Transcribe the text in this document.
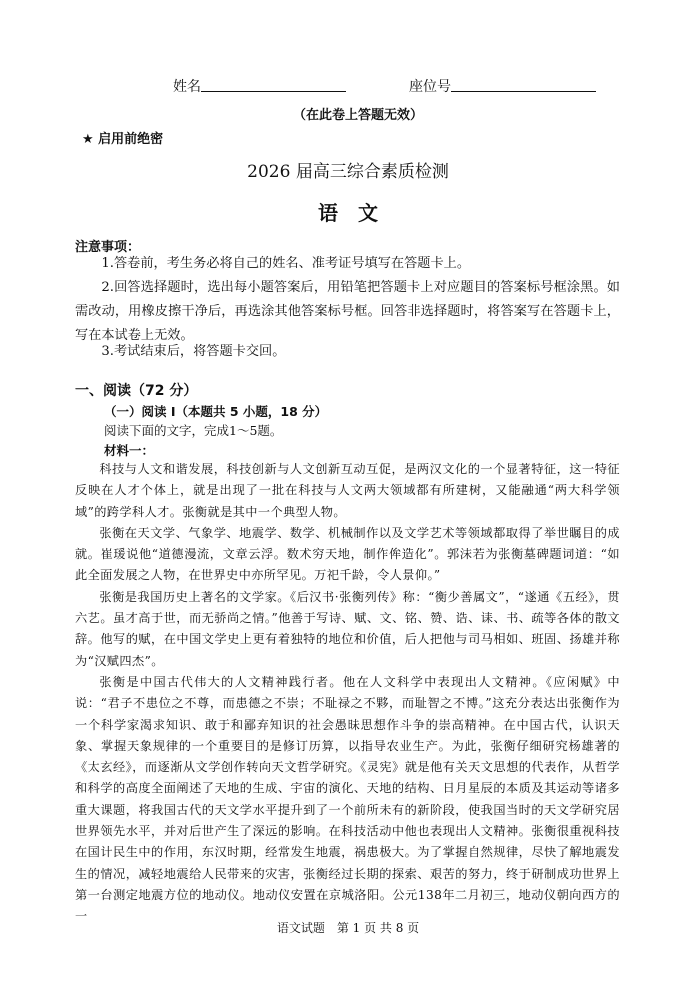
姓名	座位号
（在此卷上答题无效）
★ 启用前绝密
2026 届高三综合素质检测
语文
注意事项：

1.答卷前，考生务必将自己的姓名、准考证号填写在答题卡上。

2.回答选择题时，选出每小题答案后，用铅笔把答题卡上对应题目的答案标号框涂黑。如需改动，用橡皮擦干净后，再选涂其他答案标号框。回答非选择题时，将答案写在答题卡上，写在本试卷上无效。

3.考试结束后，将答题卡交回。

一、阅读（72 分）
（一）阅读 I（本题共 5 小题，18 分）
阅读下面的文字，完成1～5题。
材料一：

科技与人文和谐发展，科技创新与人文创新互动互促，是两汉文化的一个显著特征，这一特征反映在人才个体上，就是出现了一批在科技与人文两大领域都有所建树，又能融通“两大科学领域”的跨学科人才。张衡就是其中一个典型人物。

张衡在天文学、气象学、地震学、数学、机械制作以及文学艺术等领域都取得了举世瞩目的成就。崔瑗说他“道德漫流，文章云浮。数术穷天地，制作侔造化”。郭沫若为张衡墓碑题词道：“如此全面发展之人物，在世界史中亦所罕见。万祀千龄，令人景仰。”

张衡是我国历史上著名的文学家。《后汉书·张衡列传》称：“衡少善属文”，“遂通《五经》，贯六艺。虽才高于世，而无骄尚之情。”他善于写诗、赋、文、铭、赞、诰、诔、书、疏等各体的散文辞。他写的赋，在中国文学史上更有着独特的地位和价值，后人把他与司马相如、班固、扬雄并称为“汉赋四杰”。

张衡是中国古代伟大的人文精神践行者。他在人文科学中表现出人文精神。《应闲赋》中说：“君子不患位之不尊，而患德之不崇；不耻禄之不夥，而耻智之不博。”这充分表达出张衡作为一个科学家渴求知识、敢于和鄙弃知识的社会愚昧思想作斗争的崇高精神。在中国古代，认识天象、掌握天象规律的一个重要目的是修订历算，以指导农业生产。为此，张衡仔细研究杨雄著的《太玄经》，而逐渐从文学创作转向天文哲学研究。《灵宪》就是他有关天文思想的代表作，从哲学和科学的高度全面阐述了天地的生成、宇宙的演化、天地的结构、日月星辰的本质及其运动等诸多重大课题，将我国古代的天文学水平提升到了一个前所未有的新阶段，使我国当时的天文学研究居世界领先水平，并对后世产生了深远的影响。在科技活动中他也表现出人文精神。张衡很重视科技在国计民生中的作用，东汉时期，经常发生地震，祸患极大。为了掌握自然规律，尽快了解地震发生的情况，减轻地震给人民带来的灾害，张衡经过长期的探索、艰苦的努力，终于研制成功世界上第一台测定地震方位的地动仪。地动仪安置在京城洛阳。公元138年二月初三，地动仪朝向西方的一

语文试题　第 1 页 共 8 页
